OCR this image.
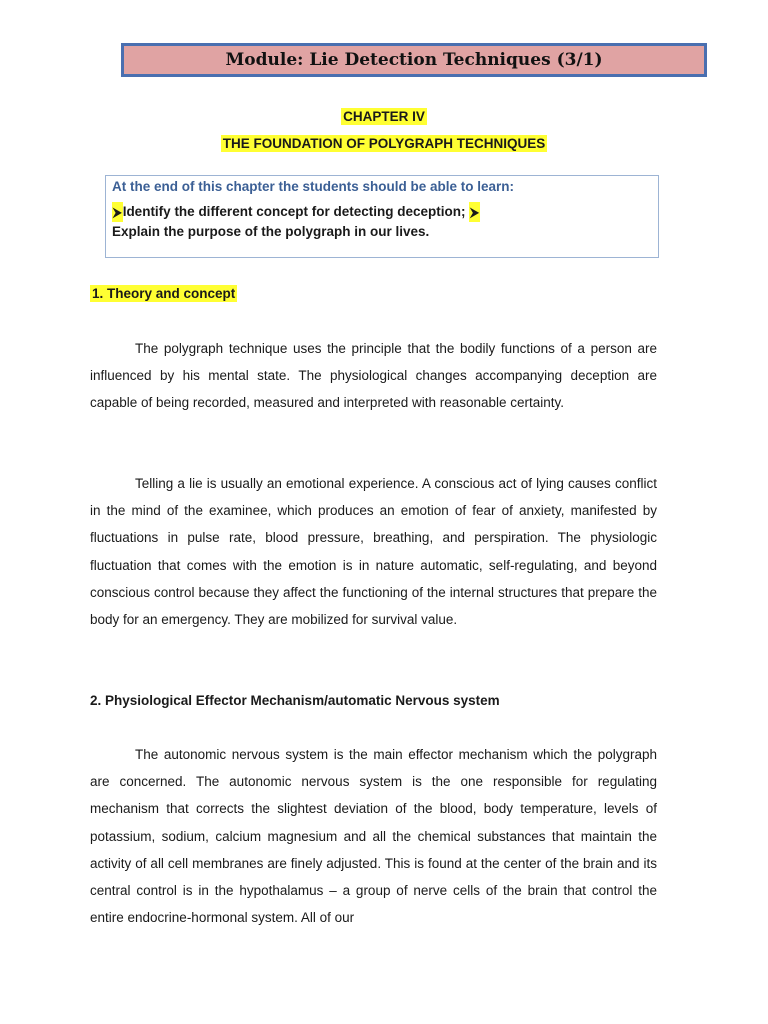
Module: Lie Detection Techniques (3/1)
CHAPTER IV
THE FOUNDATION OF POLYGRAPH TECHNIQUES

At the end of this chapter the students should be able to learn:

⮞Identify the different concept for detecting deception; ⮞

Explain the purpose of the polygraph in our lives.

1. Theory and concept

The polygraph technique uses the principle that the bodily functions of a person are influenced by his mental state. The physiological changes accompanying deception are capable of being recorded, measured and interpreted with reasonable certainty.

Telling a lie is usually an emotional experience. A conscious act of lying causes conflict in the mind of the examinee, which produces an emotion of fear of anxiety, manifested by fluctuations in pulse rate, blood pressure, breathing, and perspiration. The physiologic fluctuation that comes with the emotion is in nature automatic, self-regulating, and beyond conscious control because they affect the functioning of the internal structures that prepare the body for an emergency. They are mobilized for survival value.

2. Physiological Effector Mechanism/automatic Nervous system

The autonomic nervous system is the main effector mechanism which the polygraph are concerned. The autonomic nervous system is the one responsible for regulating mechanism that corrects the slightest deviation of the blood, body temperature, levels of potassium, sodium, calcium magnesium and all the chemical substances that maintain the activity of all cell membranes are finely adjusted. This is found at the center of the brain and its central control is in the hypothalamus – a group of nerve cells of the brain that control the entire endocrine-hormonal system. All of our
